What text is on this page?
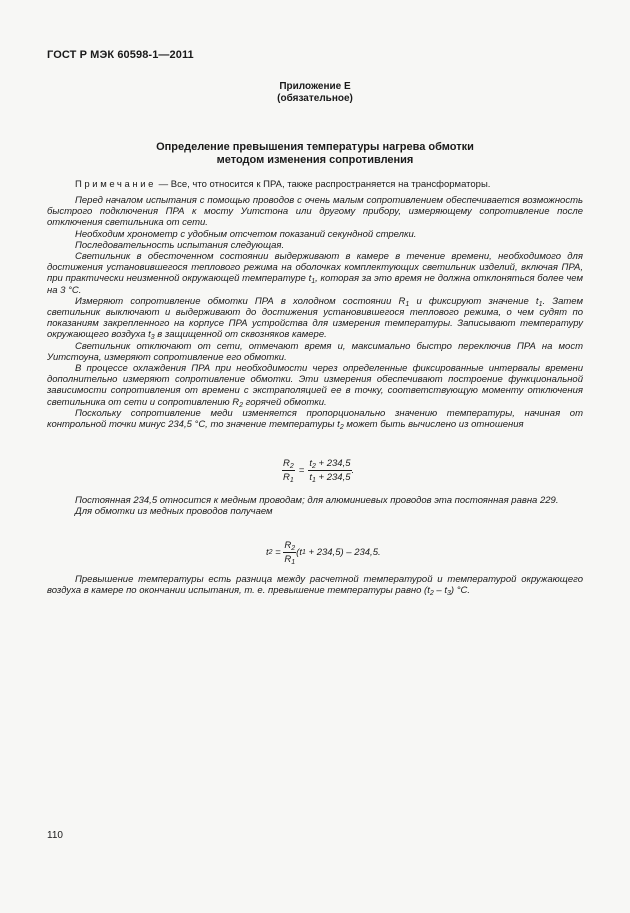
ГОСТ Р МЭК 60598-1—2011
Приложение Е
(обязательное)
Определение превышения температуры нагрева обмотки
методом изменения сопротивления
Примечание — Все, что относится к ПРА, также распространяется на трансформаторы.

Перед началом испытания с помощью проводов с очень малым сопротивлением обеспечивается возможность быстрого подключения ПРА к мосту Уитстона или другому прибору, измеряющему сопротивление после отключения светильника от сети.

Необходим хронометр с удобным отсчетом показаний секундной стрелки.

Последовательность испытания следующая.

Светильник в обесточенном состоянии выдерживают в камере в течение времени, необходимого для достижения установившегося теплового режима на оболочках комплектующих светильник изделий, включая ПРА, при практически неизменной окружающей температуре $t_1$, которая за это время не должна отклоняться более чем на 3 °С.

Измеряют сопротивление обмотки ПРА в холодном состоянии $R_1$ и фиксируют значение $t_1$. Затем светильник выключают и выдерживают до достижения установившегося теплового режима, о чем судят по показаниям закрепленного на корпусе ПРА устройства для измерения температуры. Записывают температуру окружающего воздуха $t_3$ в защищенной от сквозняков камере.

Светильник отключают от сети, отмечают время и, максимально быстро переключив ПРА на мост Уитстоуна, измеряют сопротивление его обмотки.

В процессе охлаждения ПРА при необходимости через определенные фиксированные интервалы времени дополнительно измеряют сопротивление обмотки. Эти измерения обеспечивают построение функциональной зависимости сопротивления от времени с экстраполяцией ее в точку, соответствующую моменту отключения светильника от сети и сопротивлению $R_2$ горячей обмотки.

Поскольку сопротивление меди изменяется пропорционально значению температуры, начиная от контрольной точки минус 234,5 °С, то значение температуры $t_2$ может быть вычислено из отношения

$\frac{R_2}{R_1} = \frac{t_2 + 234,5}{t_1 + 234,5}$ .

Постоянная 234,5 относится к медным проводам; для алюминиевых проводов эта постоянная равна 229.

Для обмотки из медных проводов получаем

t $2 = \frac{R_2}{R_1} (t$ 1 + 234,5) – 234,5.

Превышение температуры есть разница между расчетной температурой и температурой окружающего воздуха в камере по окончании испытания, т. е. превышение температуры равно $(t_2 - t_3)$ °С.

110
